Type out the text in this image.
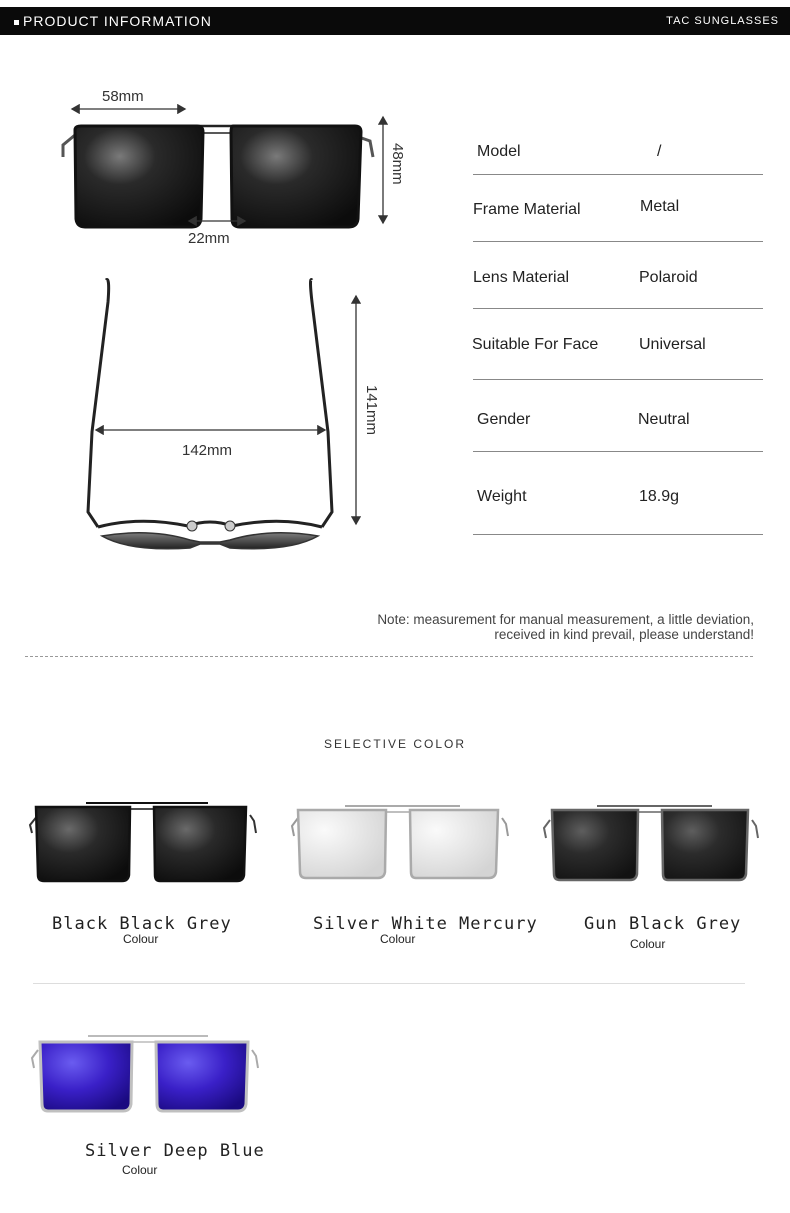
PRODUCT INFORMATION	TAC SUNGLASSES
58mm
22mm
48mm
142mm
141mm
Model	/
Frame Material	Metal
Lens Material	Polaroid
Suitable For Face	Universal
Gender	Neutral
Weight	18.9g
Note: measurement for manual measurement, a little deviation,
received in kind prevail, please understand!
SELECTIVE COLOR
Black Black Grey
Colour
Silver White Mercury
Colour
Gun Black Grey
Colour
Silver Deep Blue
Colour
